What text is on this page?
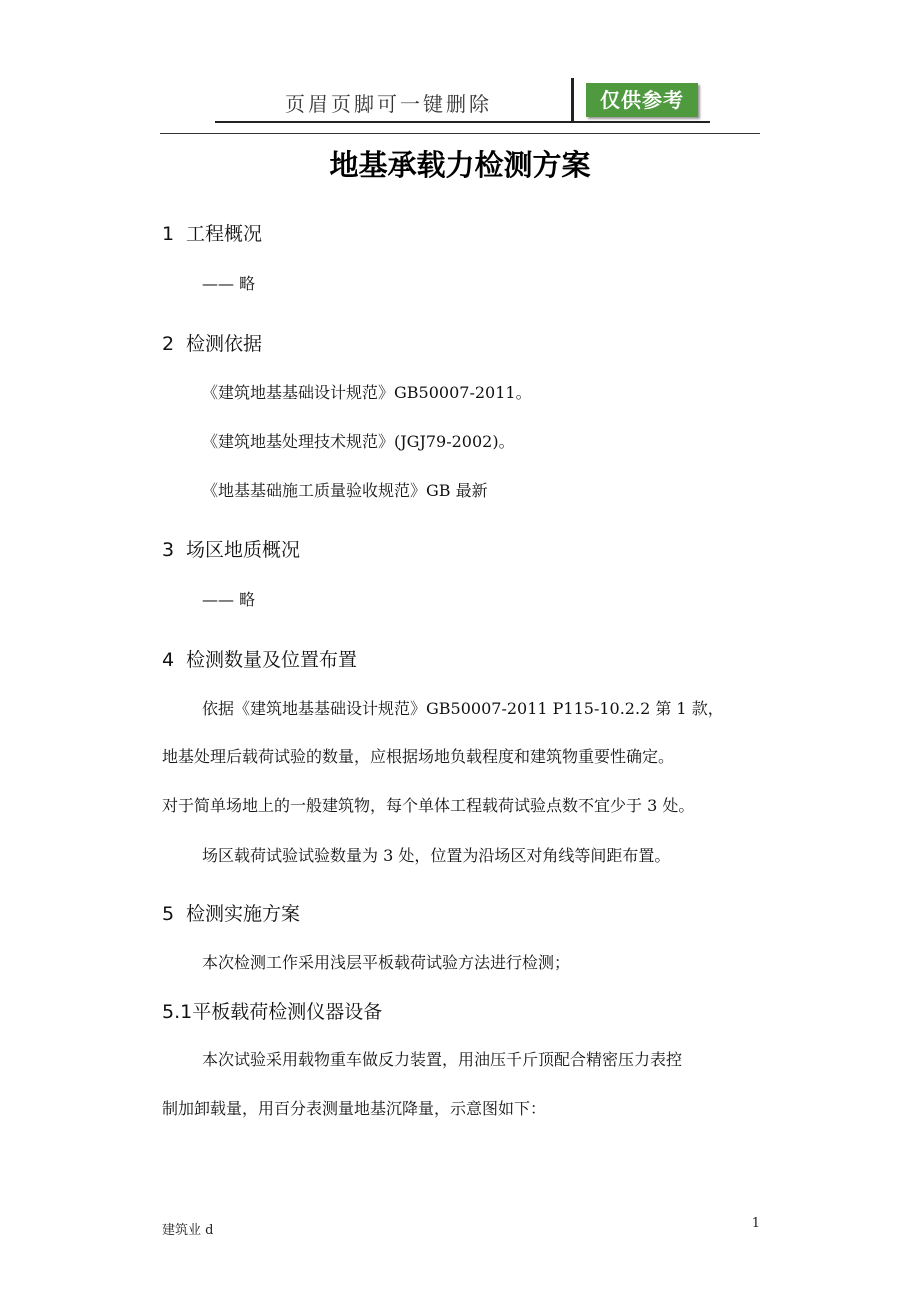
页眉页脚可一键删除	仅供参考
地基承载力检测方案
1 工程概况
—— 略
2 检测依据
《建筑地基基础设计规范》GB50007-2011。
《建筑地基处理技术规范》(JGJ79-2002)。
《地基基础施工质量验收规范》GB 最新
3 场区地质概况
—— 略
4 检测数量及位置布置
依据《建筑地基基础设计规范》GB50007-2011 P115-10.2.2 第 1 款，
地基处理后载荷试验的数量，应根据场地负载程度和建筑物重要性确定。
对于简单场地上的一般建筑物，每个单体工程载荷试验点数不宜少于 3 处。
场区载荷试验试验数量为 3 处，位置为沿场区对角线等间距布置。
5 检测实施方案
本次检测工作采用浅层平板载荷试验方法进行检测；
5.1平板载荷检测仪器设备
本次试验采用载物重车做反力装置，用油压千斤顶配合精密压力表控
制加卸载量，用百分表测量地基沉降量，示意图如下：
建筑业 d	1
